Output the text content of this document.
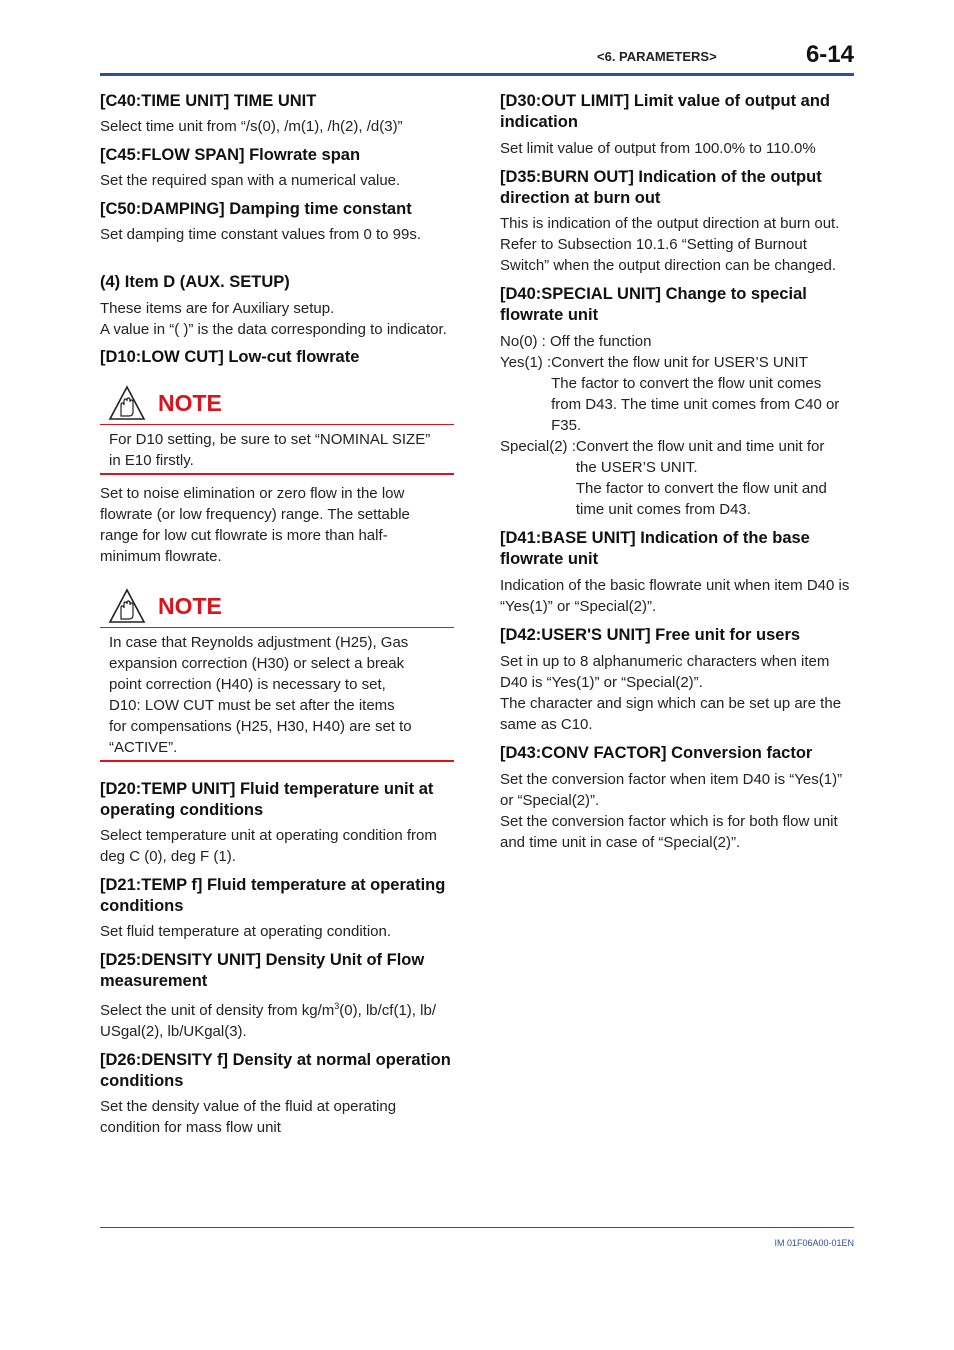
<6. PARAMETERS>	6-14

[C40:TIME UNIT] TIME UNIT

Select time unit from “/s(0), /m(1), /h(2), /d(3)”

[C45:FLOW SPAN] Flowrate span

Set the required span with a numerical value.

[C50:DAMPING] Damping time constant

Set damping time constant values from 0 to 99s.

(4) Item D (AUX. SETUP)

These items are for Auxiliary setup.

A value in “( )” is the data corresponding to indicator.

[D10:LOW CUT] Low-cut flowrate

NOTE
For D10 setting, be sure to set “NOMINAL SIZE”
in E10 firstly.
Set to noise elimination or zero flow in the low
flowrate (or low frequency) range. The settable
range for low cut flowrate is more than half-
minimum flowrate.
NOTE
In case that Reynolds adjustment (H25), Gas
expansion correction (H30) or select a break
point correction (H40) is necessary to set,
D10: LOW CUT must be set after the items
for compensations (H25, H30, H40) are set to
“ACTIVE”.

[D20:TEMP UNIT] Fluid temperature unit at operating conditions

Select temperature unit at operating condition from deg C (0), deg F (1).

[D21:TEMP f] Fluid temperature at operating conditions

Set fluid temperature at operating condition.

[D25:DENSITY UNIT] Density Unit of Flow measurement

Select the unit of density from $kg/m^3(0)$, lb/cf(1), lb/
USgal(2), lb/UKgal(3).

[D26:DENSITY f] Density at normal operation conditions

Set the density value of the fluid at operating condition for mass flow unit

[D30:OUT LIMIT] Limit value of output and indication

Set limit value of output from 100.0% to 110.0%

[D35:BURN OUT] Indication of the output direction at burn out

This is indication of the output direction at burn out. Refer to Subsection 10.1.6 “Setting of Burnout Switch” when the output direction can be changed.

[D40:SPECIAL UNIT] Change to special flowrate unit

No(0) : Off the function
Yes(1) : Convert the flow unit for USER’S UNIT
The factor to convert the flow unit comes
from D43. The time unit comes from C40 or
F35.
Special(2) : Convert the flow unit and time unit for
the USER’S UNIT.
The factor to convert the flow unit and
time unit comes from D43.

[D41:BASE UNIT] Indication of the base flowrate unit

Indication of the basic flowrate unit when item D40 is “Yes(1)” or “Special(2)”.

[D42:USER'S UNIT] Free unit for users

Set in up to 8 alphanumeric characters when item D40 is “Yes(1)” or “Special(2)”.

The character and sign which can be set up are the same as C10.

[D43:CONV FACTOR] Conversion factor

Set the conversion factor when item D40 is “Yes(1)” or “Special(2)”.

Set the conversion factor which is for both flow unit and time unit in case of “Special(2)”.

IM 01F06A00-01EN
